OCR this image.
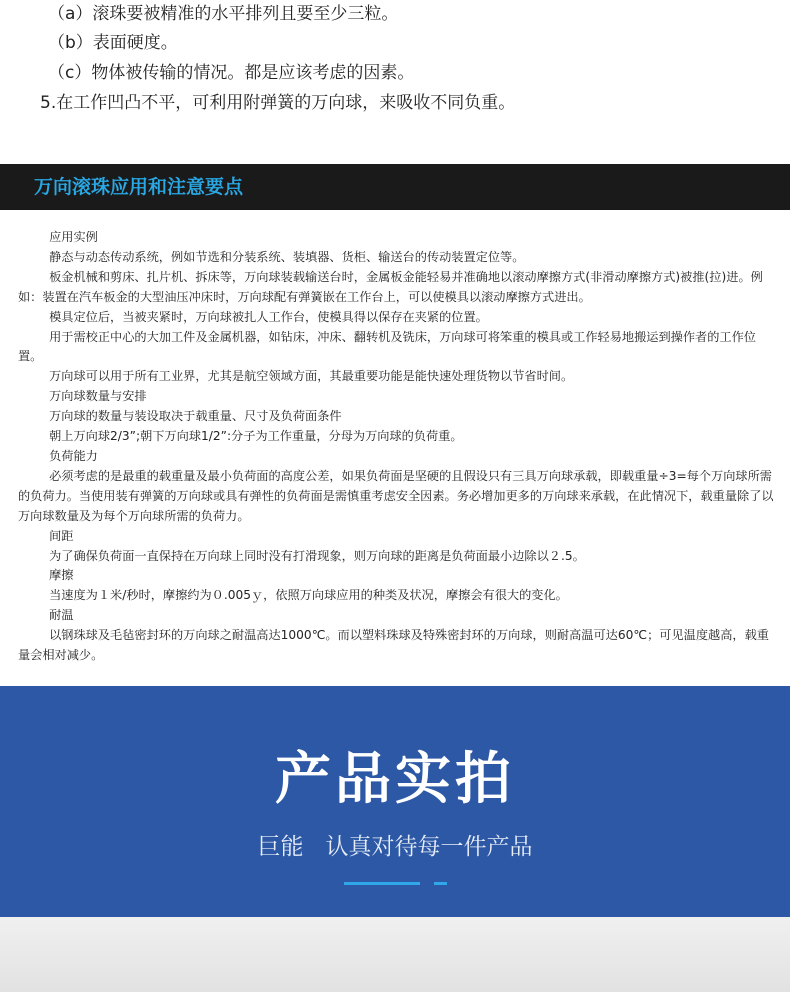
（a）滚珠要被精准的水平排列且要至少三粒。
（b）表面硬度。
（c）物体被传输的情况。都是应该考虑的因素。
5.在工作凹凸不平，可利用附弹簧的万向球，来吸收不同负重。
万向滚珠应用和注意要点

应用实例

静态与动态传动系统，例如节选和分装系统、装填器、货柜、输送台的传动装置定位等。

板金机械和剪床、扎片机、拆床等，万向球装载输送台时，金属板金能轻易并准确地以滚动摩擦方式(非滑动摩擦方式)被推(拉)进。例如：装置在汽车板金的大型油压冲床时，万向球配有弹簧嵌在工作台上，可以使模具以滚动摩擦方式进出。

模具定位后，当被夹紧时，万向球被扎人工作台，使模具得以保存在夹紧的位置。

用于需校正中心的大加工件及金属机器，如钻床，冲床、翻转机及铣床，万向球可将笨重的模具或工作轻易地搬运到操作者的工作位置。

万向球可以用于所有工业界，尤其是航空领域方面，其最重要功能是能快速处理货物以节省时间。

万向球数量与安排

万向球的数量与装设取决于载重量、尺寸及负荷面条件

朝上万向球2/3”;朝下万向球1/2”:分子为工作重量，分母为万向球的负荷重。

负荷能力

必须考虑的是最重的载重量及最小负荷面的高度公差，如果负荷面是坚硬的且假设只有三具万向球承载，即载重量÷3=每个万向球所需的负荷力。当使用装有弹簧的万向球或具有弹性的负荷面是需慎重考虑安全因素。务必增加更多的万向球来承载，在此情况下，载重量除了以万向球数量及为每个万向球所需的负荷力。

间距

为了确保负荷面一直保持在万向球上同时没有打滑现象，则万向球的距离是负荷面最小边除以２.5。

摩擦

当速度为１米/秒时，摩擦约为０.005ｙ，依照万向球应用的种类及状况，摩擦会有很大的变化。

耐温

以钢珠球及毛毡密封环的万向球之耐温高达1000℃。而以塑料珠球及特殊密封环的万向球，则耐高温可达60℃；可见温度越高，载重量会相对减少。

产品实拍
巨能   认真对待每一件产品
